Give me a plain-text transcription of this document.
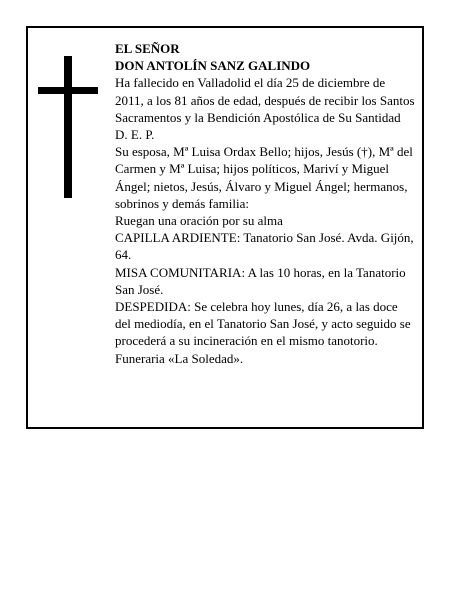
EL SEÑOR

DON ANTOLÍN SANZ GALINDO

Ha fallecido en Valladolid el día 25 de diciembre de 2011, a los 81 años de edad, después de recibir los Santos Sacramentos y la Bendición Apostólica de Su Santidad

D. E. P.

Su esposa, Mª Luisa Ordax Bello; hijos, Jesús (†), Mª del Carmen y Mª Luisa; hijos políticos, Mariví y Miguel Ángel; nietos, Jesús, Álvaro y Miguel Ángel; hermanos, sobrinos y demás familia:

Ruegan una oración por su alma

CAPILLA ARDIENTE: Tanatorio San José. Avda. Gijón, 64.

MISA COMUNITARIA: A las 10 horas, en la Tanatorio San José.

DESPEDIDA: Se celebra hoy lunes, día 26, a las doce del mediodía, en el Tanatorio San José, y acto seguido se procederá a su incineración en el mismo tanotorio.

Funeraria «La Soledad».
